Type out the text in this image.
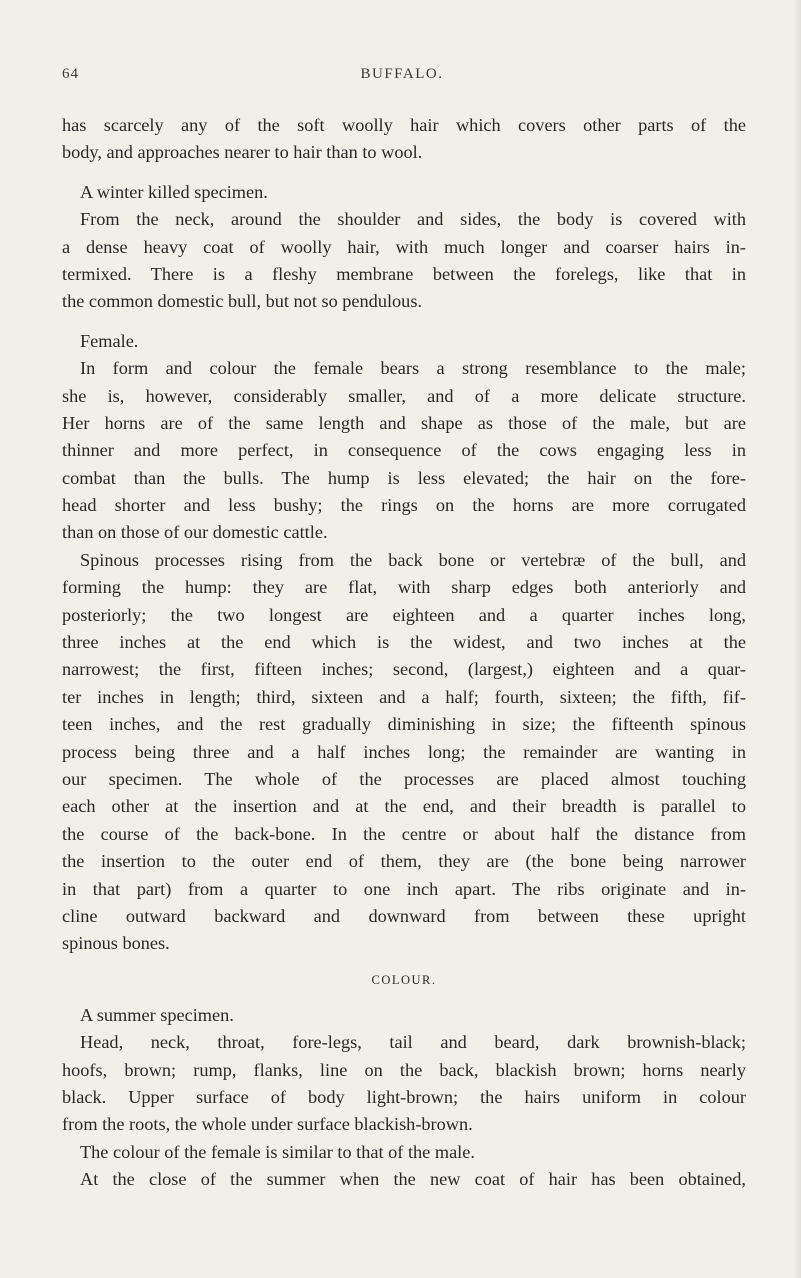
64	BUFFALO.
has scarcely any of the soft woolly hair which covers other parts of the
body, and approaches nearer to hair than to wool.
A winter killed specimen.
From the neck, around the shoulder and sides, the body is covered with
a dense heavy coat of woolly hair, with much longer and coarser hairs in-
termixed. There is a fleshy membrane between the forelegs, like that in
the common domestic bull, but not so pendulous.
Female.
In form and colour the female bears a strong resemblance to the male;
she is, however, considerably smaller, and of a more delicate structure.
Her horns are of the same length and shape as those of the male, but are
thinner and more perfect, in consequence of the cows engaging less in
combat than the bulls. The hump is less elevated; the hair on the fore-
head shorter and less bushy; the rings on the horns are more corrugated
than on those of our domestic cattle.
Spinous processes rising from the back bone or vertebræ of the bull, and
forming the hump: they are flat, with sharp edges both anteriorly and
posteriorly; the two longest are eighteen and a quarter inches long,
three inches at the end which is the widest, and two inches at the
narrowest; the first, fifteen inches; second, (largest,) eighteen and a quar-
ter inches in length; third, sixteen and a half; fourth, sixteen; the fifth, fif-
teen inches, and the rest gradually diminishing in size; the fifteenth spinous
process being three and a half inches long; the remainder are wanting in
our specimen. The whole of the processes are placed almost touching
each other at the insertion and at the end, and their breadth is parallel to
the course of the back-bone. In the centre or about half the distance from
the insertion to the outer end of them, they are (the bone being narrower
in that part) from a quarter to one inch apart. The ribs originate and in-
cline outward backward and downward from between these upright
spinous bones.
COLOUR.
A summer specimen.
Head, neck, throat, fore-legs, tail and beard, dark brownish-black;
hoofs, brown; rump, flanks, line on the back, blackish brown; horns nearly
black. Upper surface of body light-brown; the hairs uniform in colour
from the roots, the whole under surface blackish-brown.
The colour of the female is similar to that of the male.
At the close of the summer when the new coat of hair has been obtained,
